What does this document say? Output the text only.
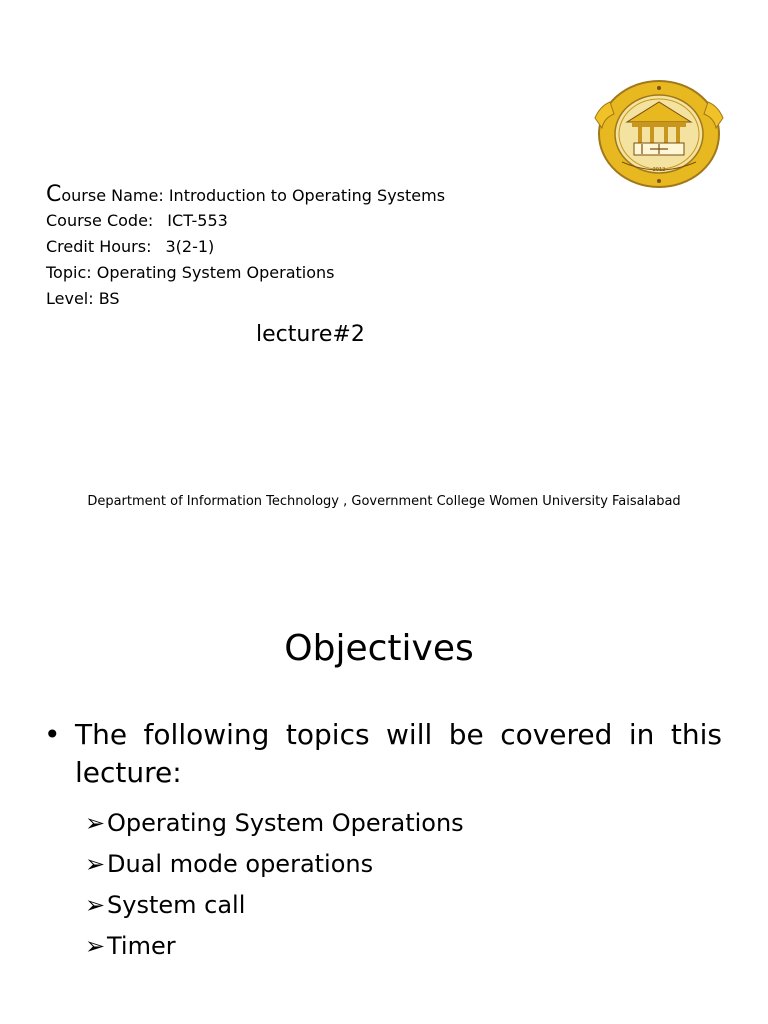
2012
Course Name: Introduction to Operating Systems
Course Code: ICT-553
Credit Hours: 3(2-1)
Topic: Operating System Operations
Level: BS
lecture#2
Department of Information Technology , Government College Women University Faisalabad
Objectives
• The following topics will be covered in this
lecture:
➢Operating System Operations
➢Dual mode operations
➢System call
➢Timer
